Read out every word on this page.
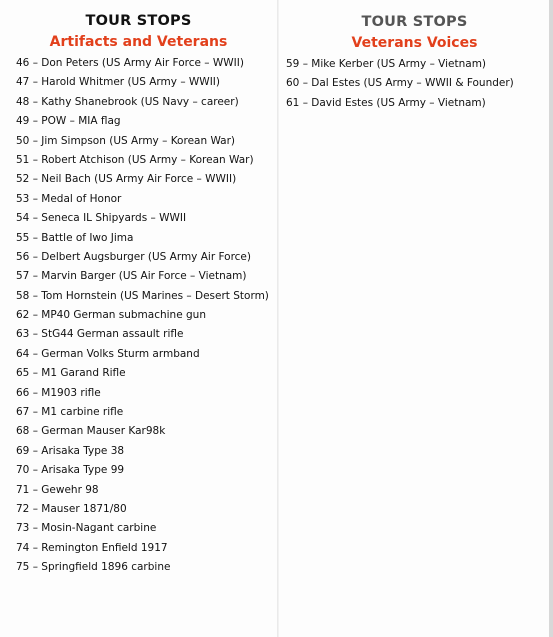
TOUR STOPS
Artifacts and Veterans
46 – Don Peters (US Army Air Force – WWII)
47 – Harold Whitmer (US Army – WWII)
48 – Kathy Shanebrook (US Navy – career)
49 – POW – MIA flag
50 – Jim Simpson (US Army – Korean War)
51 – Robert Atchison (US Army – Korean War)
52 – Neil Bach (US Army Air Force – WWII)
53 – Medal of Honor
54 – Seneca IL Shipyards – WWII
55 – Battle of Iwo Jima
56 – Delbert Augsburger (US Army Air Force)
57 – Marvin Barger (US Air Force – Vietnam)
58 – Tom Hornstein (US Marines – Desert Storm)
62 – MP40 German submachine gun
63 – StG44 German assault rifle
64 – German Volks Sturm armband
65 – M1 Garand Rifle
66 – M1903 rifle
67 – M1 carbine rifle
68 – German Mauser Kar98k
69 – Arisaka Type 38
70 – Arisaka Type 99
71 – Gewehr 98
72 – Mauser 1871/80
73 – Mosin-Nagant carbine
74 – Remington Enfield 1917
75 – Springfield 1896 carbine
TOUR STOPS
Veterans Voices
59 – Mike Kerber (US Army – Vietnam)
60 – Dal Estes (US Army – WWII & Founder)
61 – David Estes (US Army – Vietnam)
